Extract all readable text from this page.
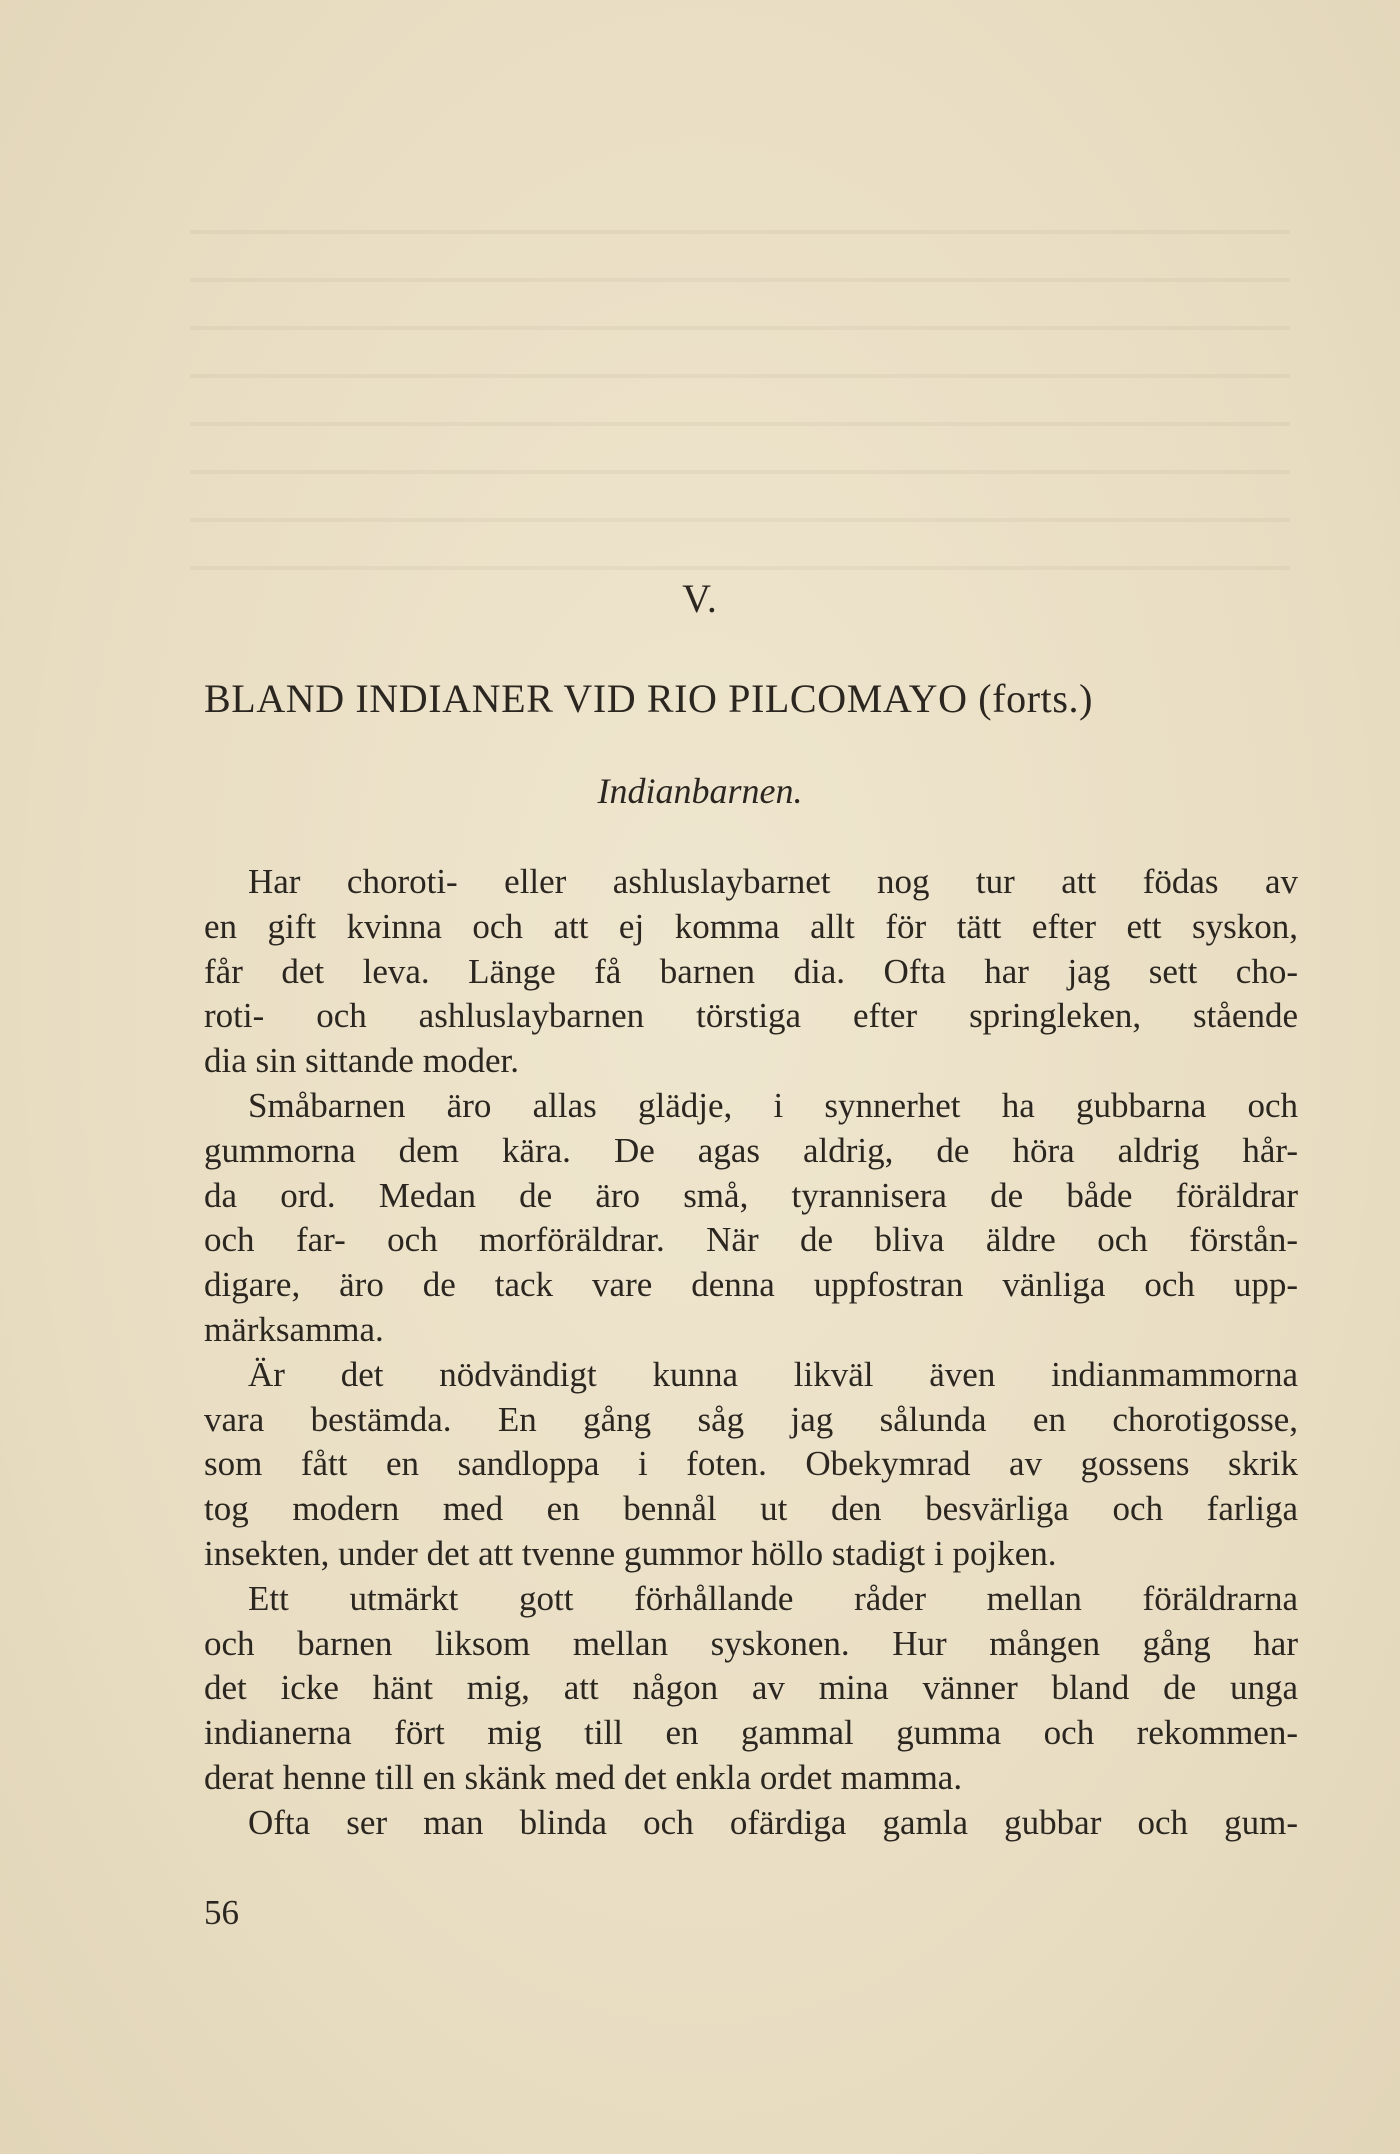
V.
BLAND INDIANER VID RIO PILCOMAYO (forts.)
Indianbarnen.
Har choroti- eller ashluslaybarnet nog tur att födas av
en gift kvinna och att ej komma allt för tätt efter ett syskon,
får det leva. Länge få barnen dia. Ofta har jag sett cho-
roti- och ashluslaybarnen törstiga efter springleken, stående
dia sin sittande moder.
Småbarnen äro allas glädje, i synnerhet ha gubbarna och
gummorna dem kära. De agas aldrig, de höra aldrig hår-
da ord. Medan de äro små, tyrannisera de både föräldrar
och far- och morföräldrar. När de bliva äldre och förstån-
digare, äro de tack vare denna uppfostran vänliga och upp-
märksamma.
Är det nödvändigt kunna likväl även indianmammorna
vara bestämda. En gång såg jag sålunda en chorotigosse,
som fått en sandloppa i foten. Obekymrad av gossens skrik
tog modern med en bennål ut den besvärliga och farliga
insekten, under det att tvenne gummor höllo stadigt i pojken.
Ett utmärkt gott förhållande råder mellan föräldrarna
och barnen liksom mellan syskonen. Hur mången gång har
det icke hänt mig, att någon av mina vänner bland de unga
indianerna fört mig till en gammal gumma och rekommen-
derat henne till en skänk med det enkla ordet mamma.
Ofta ser man blinda och ofärdiga gamla gubbar och gum-
56
